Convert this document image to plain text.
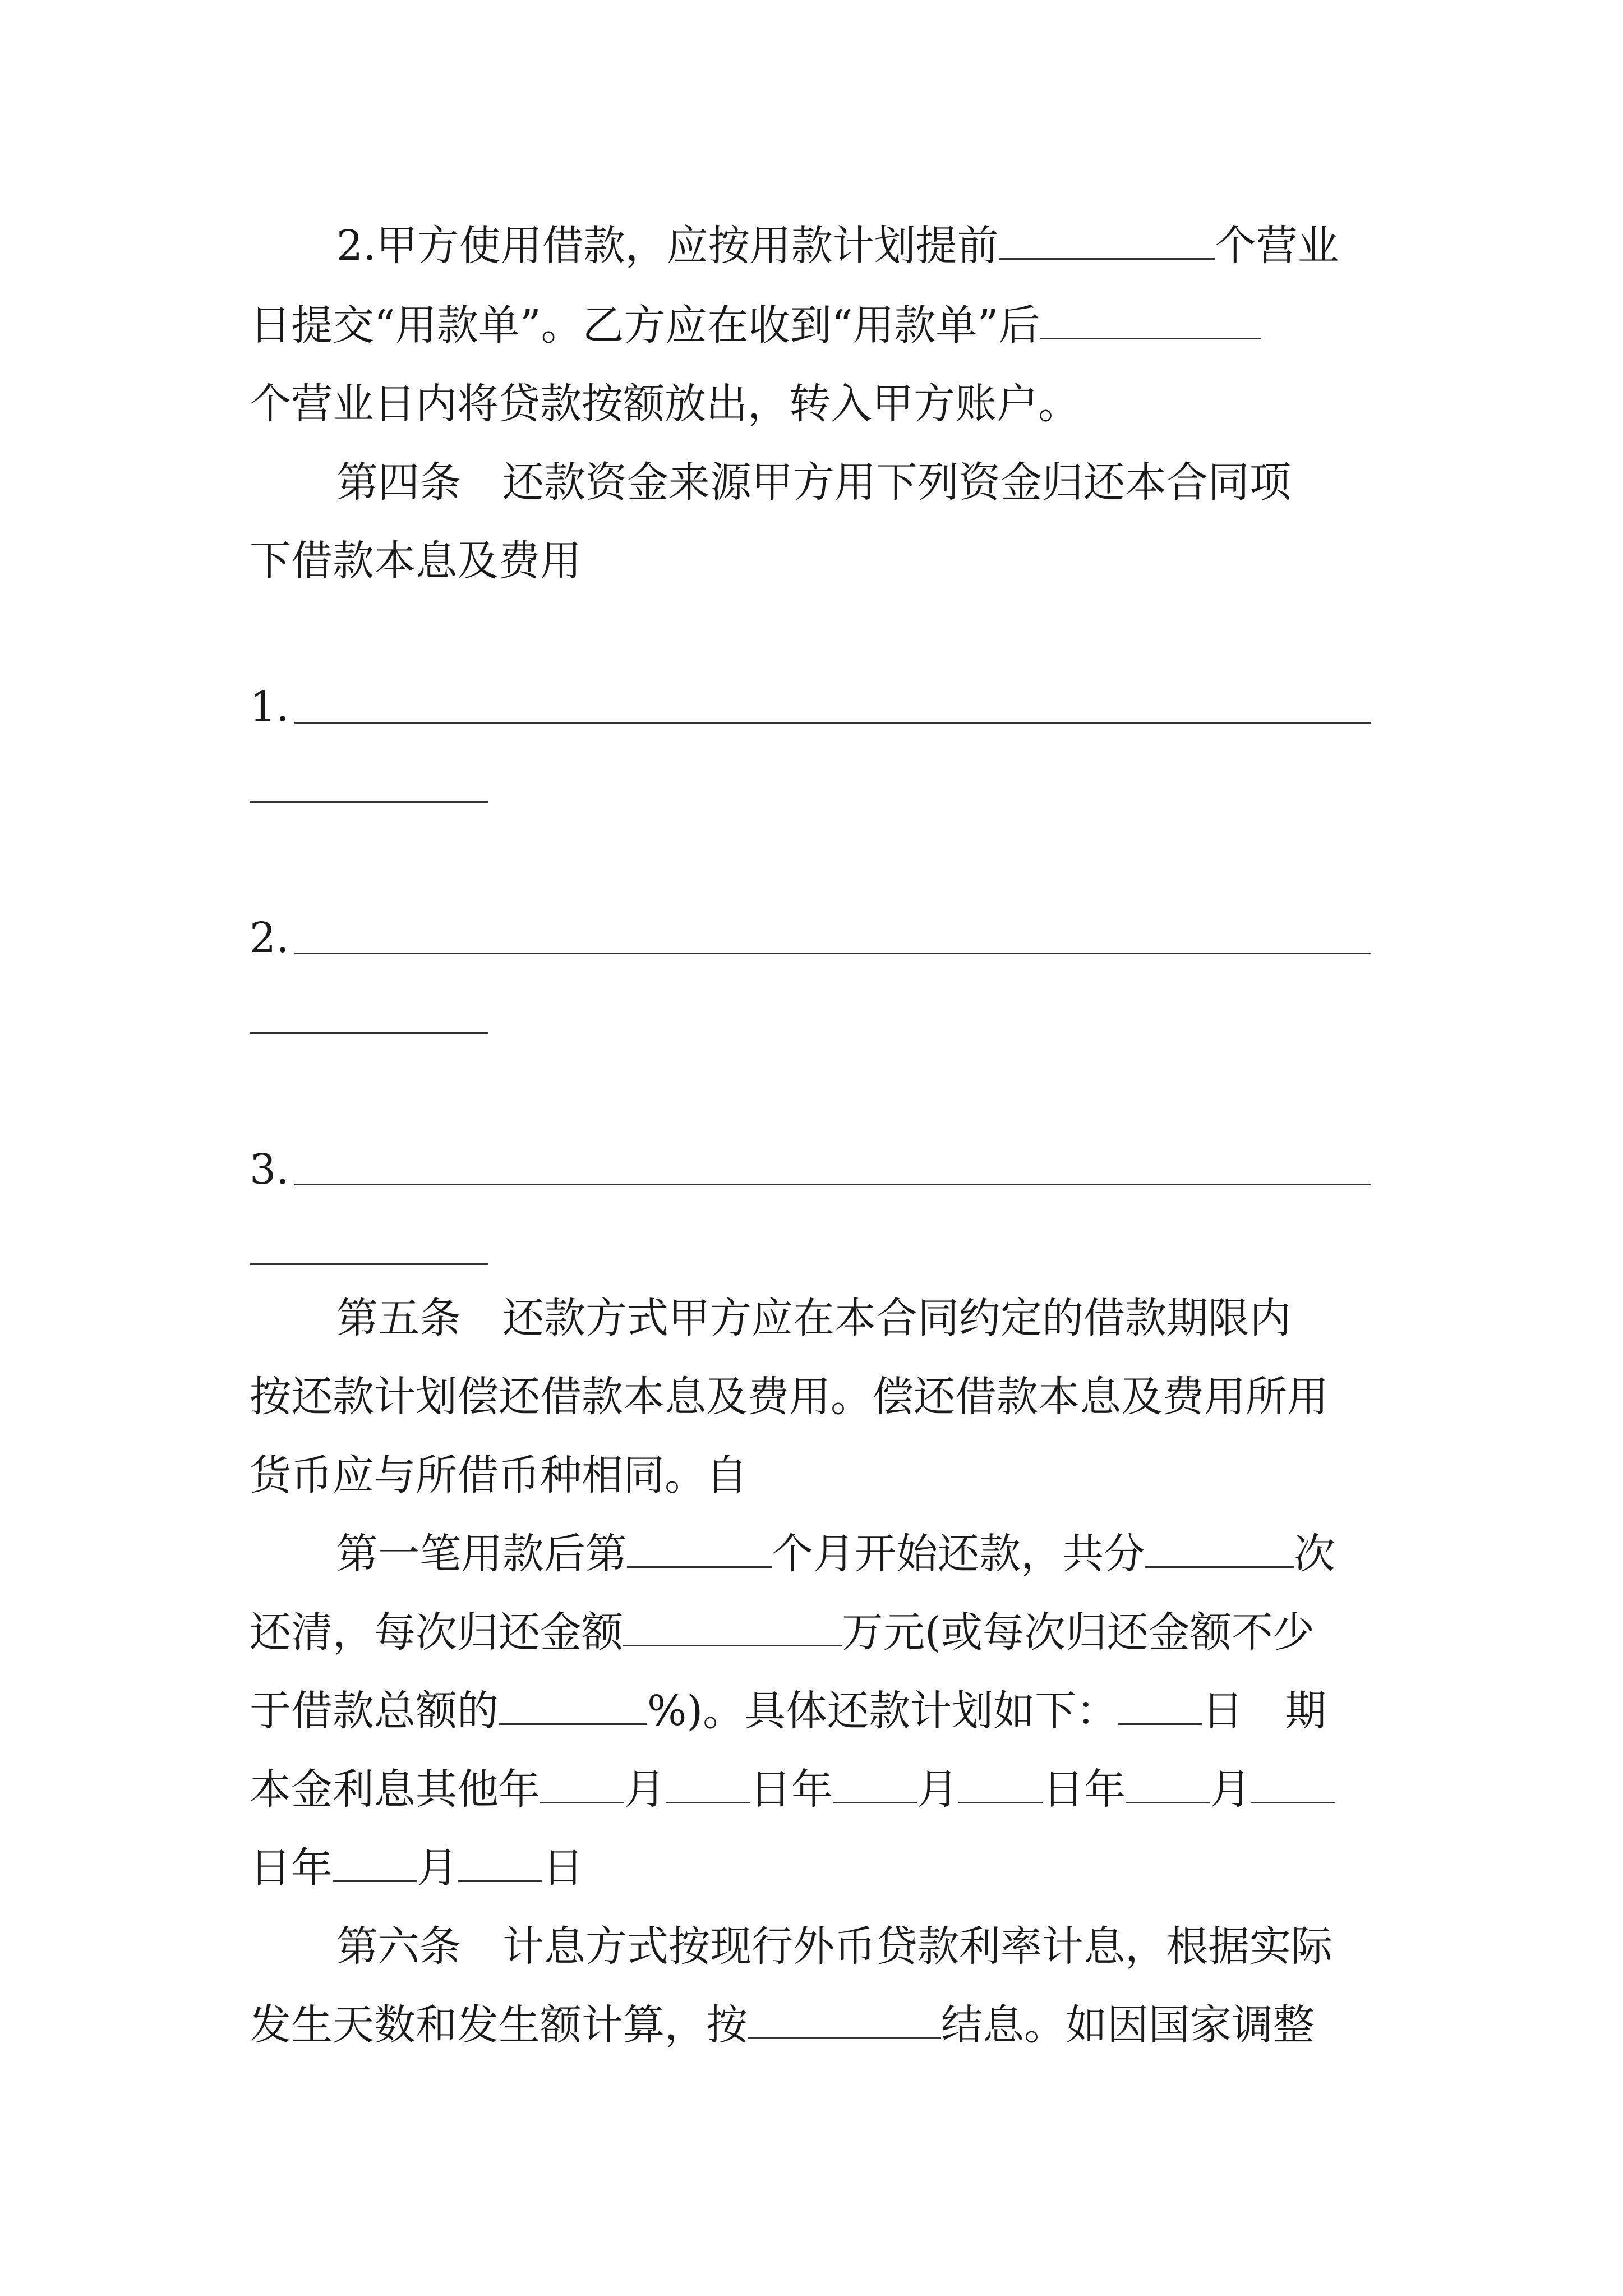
2.甲方使用借款，应按用款计划提前	个营业
日提交“用款单”。乙方应在收到“用款单”后
个营业日内将贷款按额放出，转入甲方账户。
第四条　还款资金来源甲方用下列资金归还本合同项
下借款本息及费用
1.
2.
3.
第五条　还款方式甲方应在本合同约定的借款期限内
按还款计划偿还借款本息及费用。偿还借款本息及费用所用
货币应与所借币种相同。自
第一笔用款后第	个月开始还款，共分	次
还清，每次归还金额	万元(或每次归还金额不少
于借款总额的	%)。具体还款计划如下： 日　期
本金利息其他年 月 日年 月 日年 月
日年 月 日
第六条　计息方式按现行外币贷款利率计息，根据实际
发生天数和发生额计算，按	结息。如因国家调整
